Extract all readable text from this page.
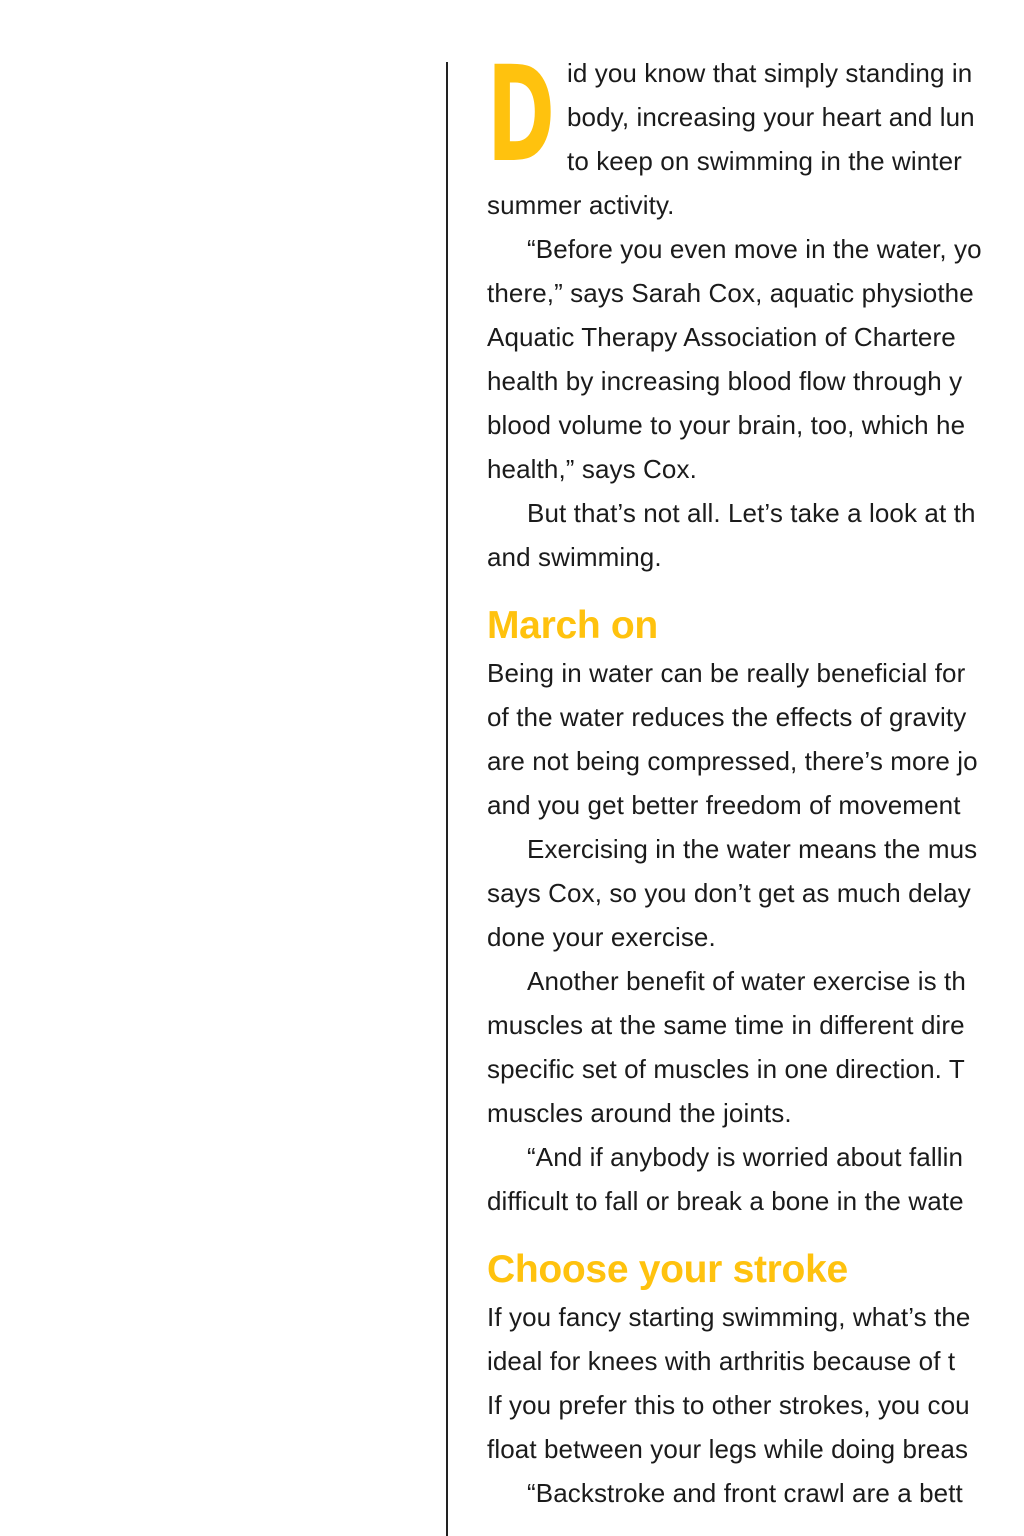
D id you know that simply standing in
body, increasing your heart and lun
to keep on swimming in the winter
summer activity.
“Before you even move in the water, yo
there,” says Sarah Cox, aquatic physiothe
Aquatic Therapy Association of Chartere
health by increasing blood flow through y
blood volume to your brain, too, which he
health,” says Cox.
But that’s not all. Let’s take a look at th
and swimming.
March on
Being in water can be really beneficial for
of the water reduces the effects of gravity
are not being compressed, there’s more jo
and you get better freedom of movement
Exercising in the water means the mus
says Cox, so you don’t get as much delay
done your exercise.
Another benefit of water exercise is th
muscles at the same time in different dire
specific set of muscles in one direction. T
muscles around the joints.
“And if anybody is worried about fallin
difficult to fall or break a bone in the wate
Choose your stroke
If you fancy starting swimming, what’s the
ideal for knees with arthritis because of t
If you prefer this to other strokes, you cou
float between your legs while doing breas
“Backstroke and front crawl are a bett
